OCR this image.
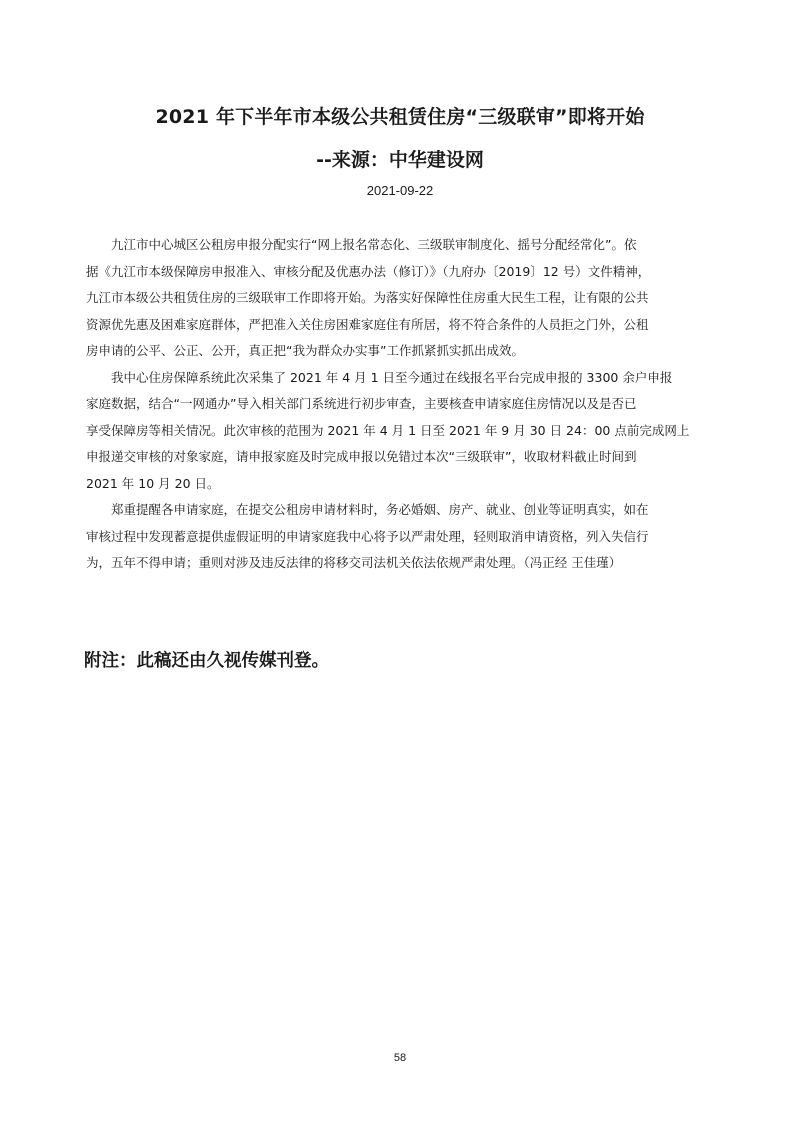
2021 年下半年市本级公共租赁住房“三级联审”即将开始
--来源：中华建设网
2021-09-22
九江市中心城区公租房申报分配实行“网上报名常态化、三级联审制度化、摇号分配经常化”。依
据《九江市本级保障房申报准入、审核分配及优惠办法（修订）》（九府办〔2019〕12 号）文件精神，
九江市本级公共租赁住房的三级联审工作即将开始。为落实好保障性住房重大民生工程，让有限的公共
资源优先惠及困难家庭群体，严把准入关住房困难家庭住有所居，将不符合条件的人员拒之门外，公租
房申请的公平、公正、公开，真正把“我为群众办实事”工作抓紧抓实抓出成效。
我中心住房保障系统此次采集了 2021 年 4 月 1 日至今通过在线报名平台完成申报的 3300 余户申报
家庭数据，结合“一网通办”导入相关部门系统进行初步审查，主要核查申请家庭住房情况以及是否已
享受保障房等相关情况。此次审核的范围为 2021 年 4 月 1 日至 2021 年 9 月 30 日 24：00 点前完成网上
申报递交审核的对象家庭，请申报家庭及时完成申报以免错过本次“三级联审”，收取材料截止时间到
2021 年 10 月 20 日。
郑重提醒各申请家庭，在提交公租房申请材料时，务必婚姻、房产、就业、创业等证明真实，如在
审核过程中发现蓄意提供虚假证明的申请家庭我中心将予以严肃处理，轻则取消申请资格，列入失信行
为，五年不得申请；重则对涉及违反法律的将移交司法机关依法依规严肃处理。（冯正经 王佳瑾）
附注：此稿还由久视传媒刊登。
58
